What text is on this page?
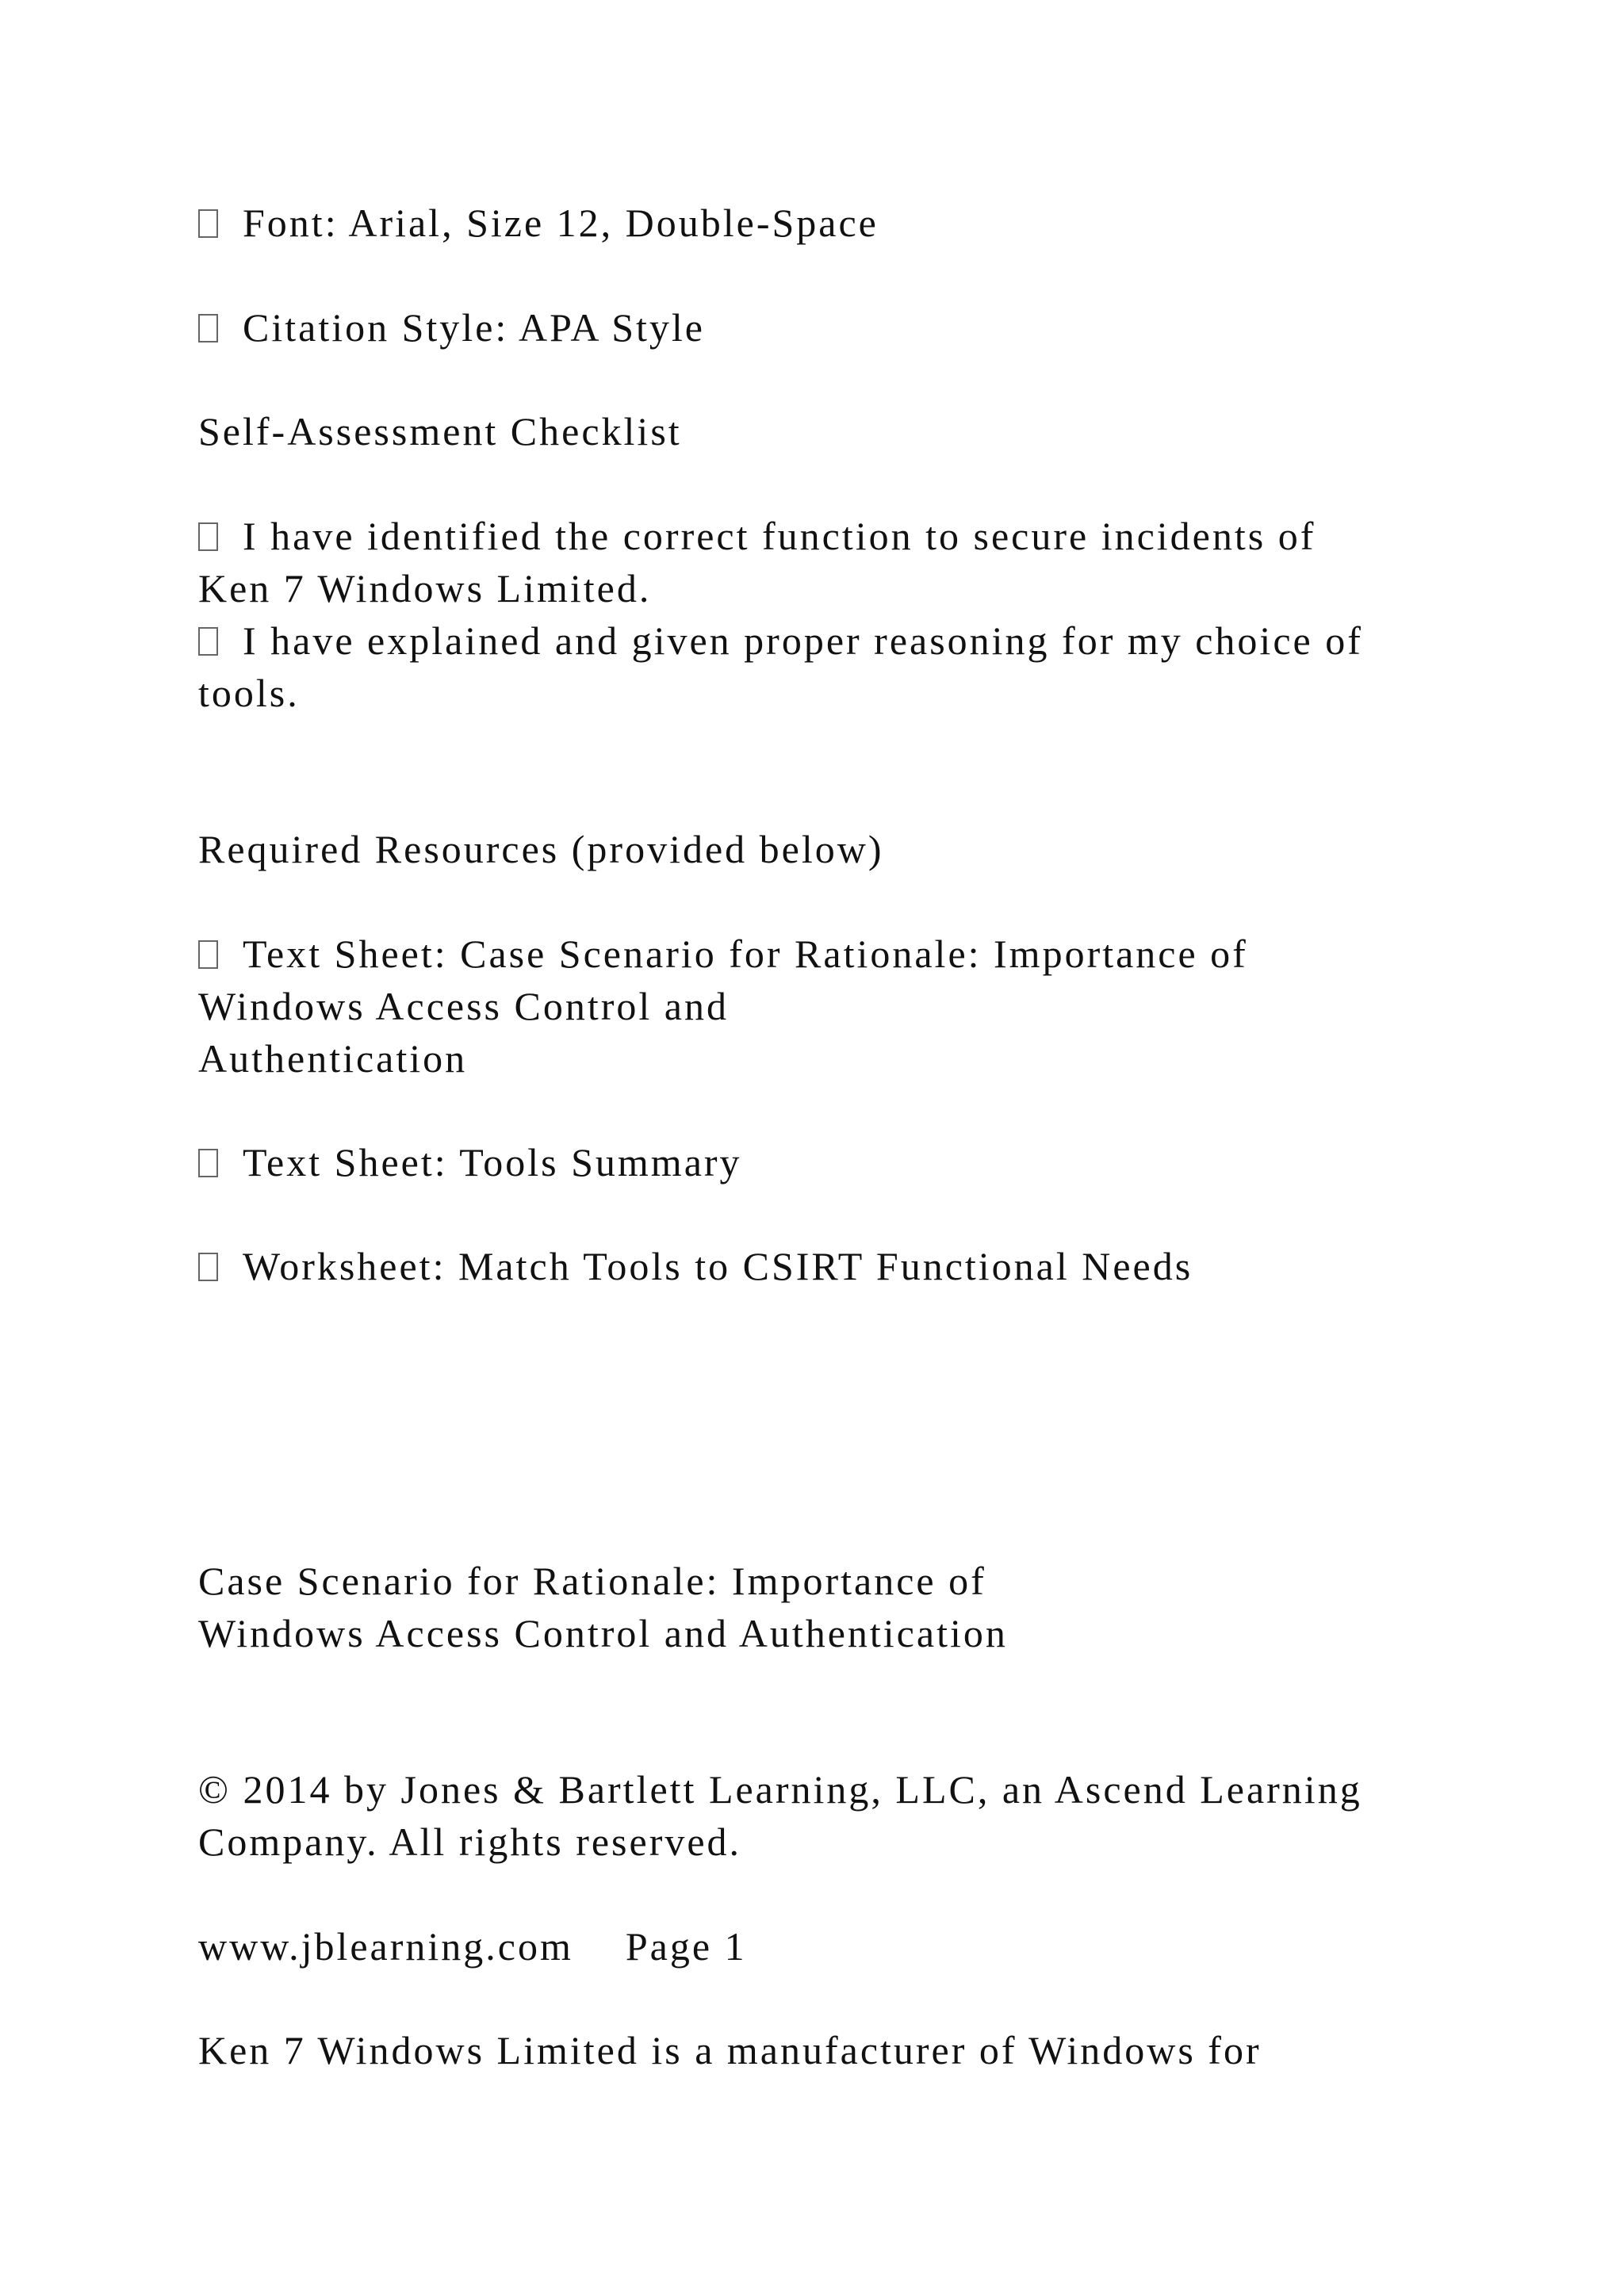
Font: Arial, Size 12, Double-Space
Citation Style: APA Style
Self-Assessment Checklist
I have identified the correct function to secure incidents of
Ken 7 Windows Limited.
I have explained and given proper reasoning for my choice of
tools.
Required Resources (provided below)
Text Sheet: Case Scenario for Rationale: Importance of
Windows Access Control and
Authentication
Text Sheet: Tools Summary
Worksheet: Match Tools to CSIRT Functional Needs
Case Scenario for Rationale: Importance of
Windows Access Control and Authentication
© 2014 by Jones & Bartlett Learning, LLC, an Ascend Learning
Company. All rights reserved.
www.jblearning.com Page 1
Ken 7 Windows Limited is a manufacturer of Windows for
